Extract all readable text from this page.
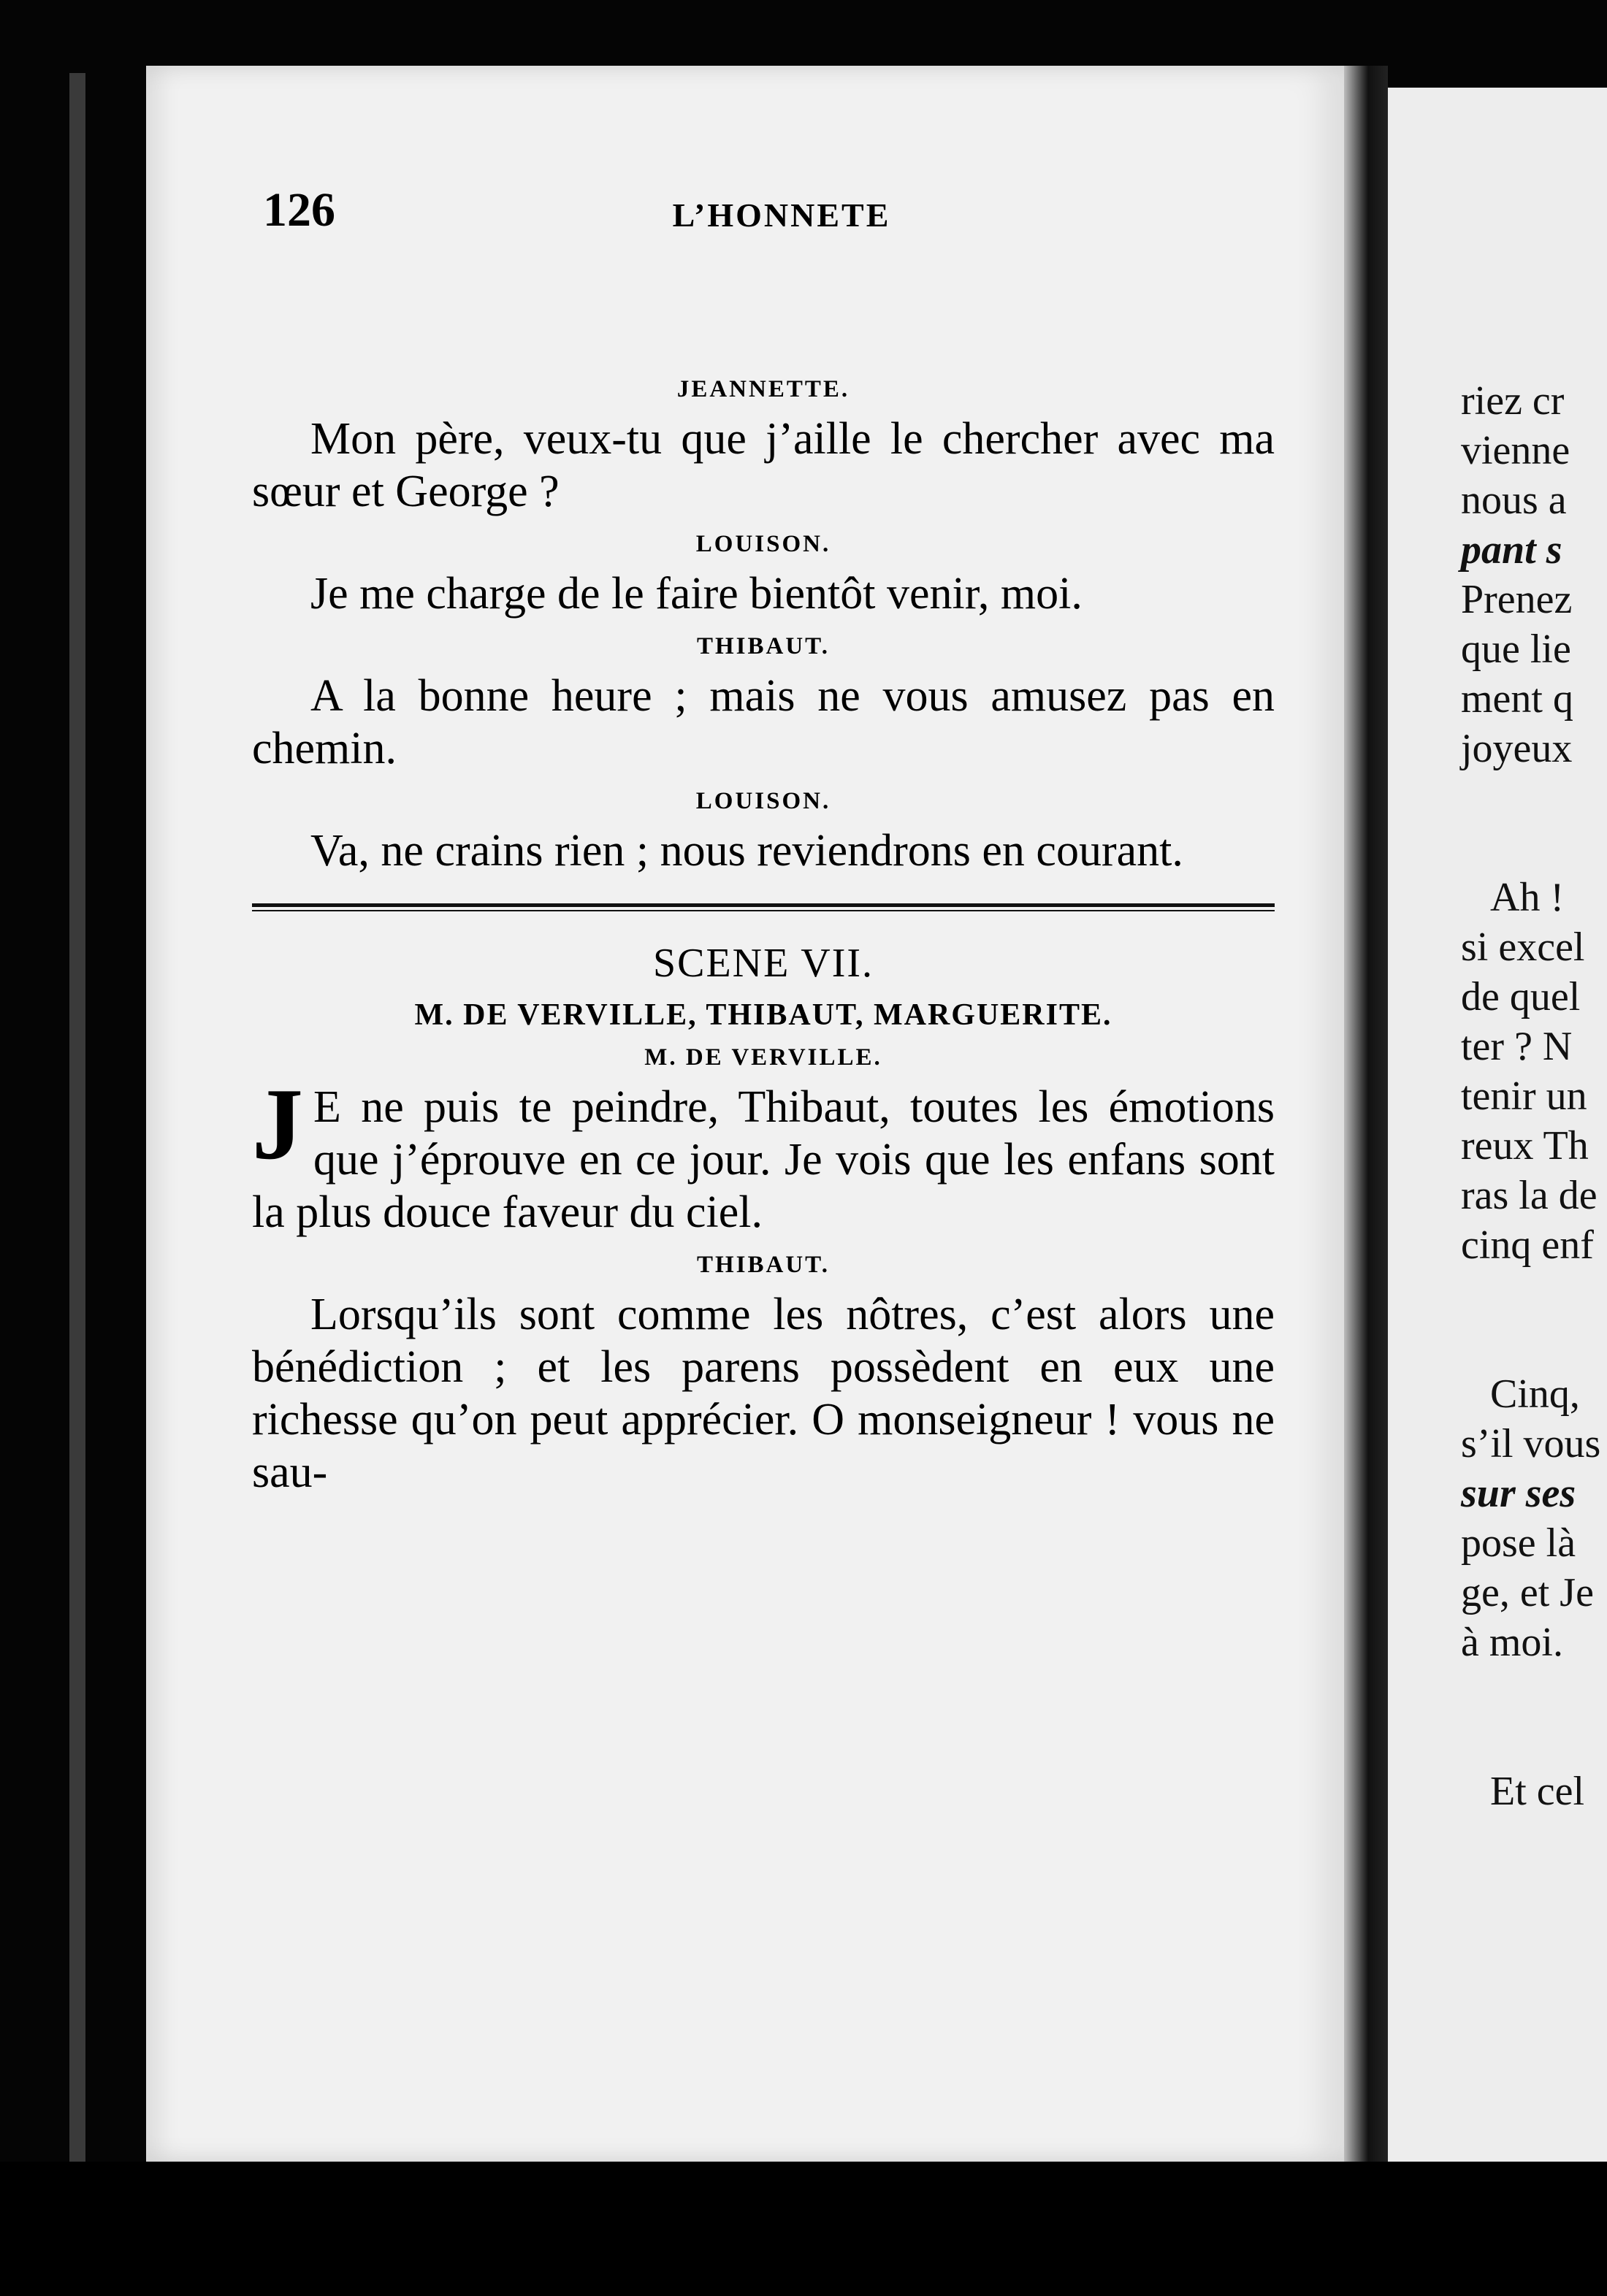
126	L’HONNETE
JEANNETTE.

Mon père, veux-tu que j’aille le chercher avec ma sœur et George ?

LOUISON.

Je me charge de le faire bientôt venir, moi.

THIBAUT.

A la bonne heure ; mais ne vous amusez pas en chemin.

LOUISON.

Va, ne crains rien ; nous reviendrons en courant.

SCENE VII.

M. DE VERVILLE, THIBAUT, MARGUERITE.

M. DE VERVILLE.

J E ne puis te peindre, Thibaut, toutes les émotions que j’éprouve en ce jour. Je vois que les enfans sont la plus douce faveur du ciel.

THIBAUT.

Lorsqu’ils sont comme les nôtres, c’est alors une bénédiction ; et les parens possèdent en eux une richesse qu’on peut apprécier. O monseigneur ! vous ne sau-

riez cr
vienne
nous a
pant s
Prenez
que lie
ment q
joyeux
Ah !
si excel
de quel
ter ? N
tenir un
reux Th
ras la de
cinq enf
Cinq,
s’il vous
sur ses
pose là
ge, et Je
à moi.
Et cel
